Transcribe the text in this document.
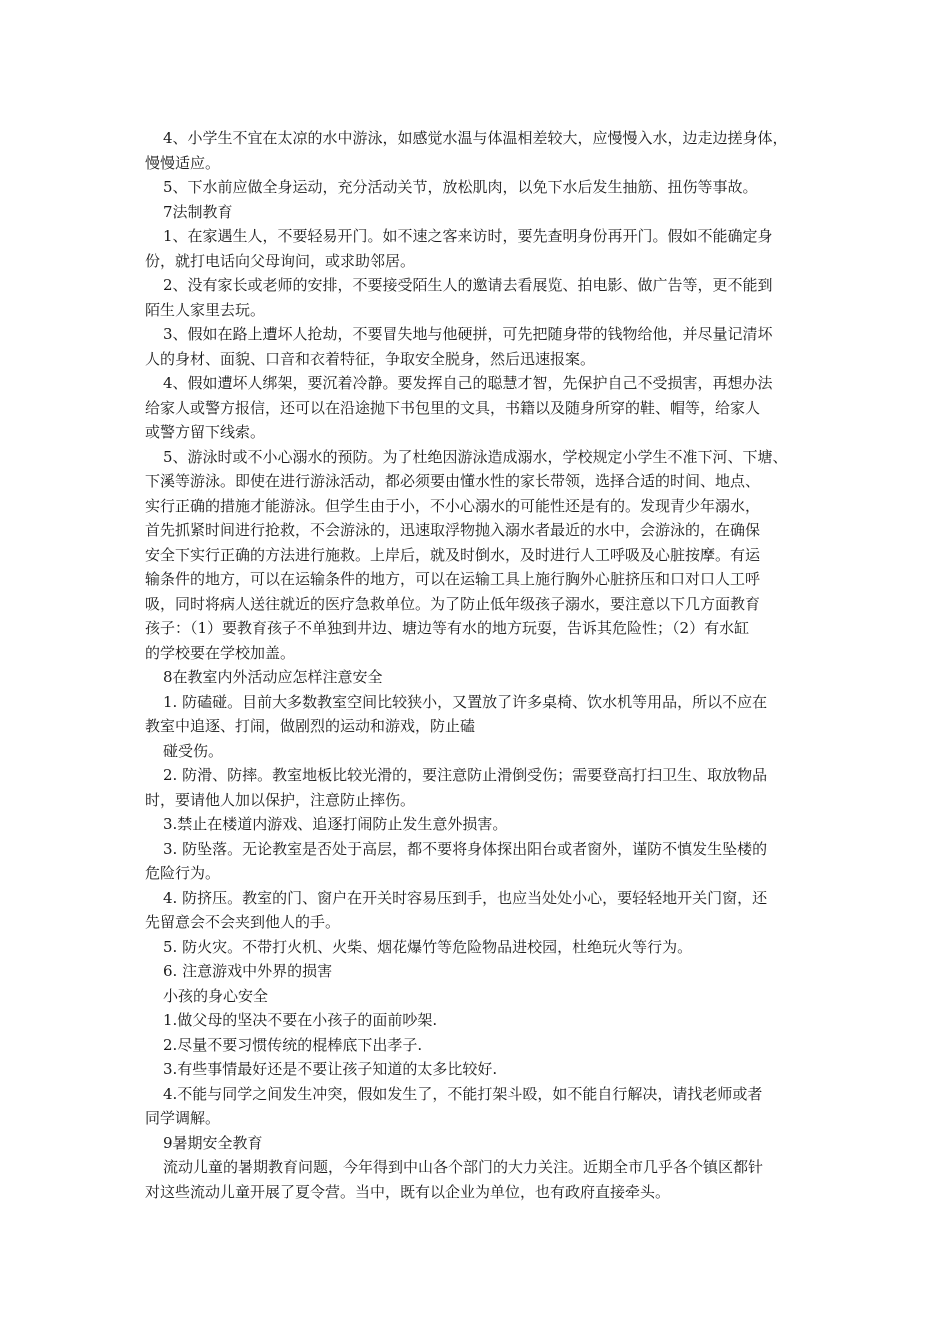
4、小学生不宜在太凉的水中游泳，如感觉水温与体温相差较大，应慢慢入水，边走边搓身体，
慢慢适应。
5、下水前应做全身运动，充分活动关节，放松肌肉，以免下水后发生抽筋、扭伤等事故。
7法制教育
1、在家遇生人，不要轻易开门。如不速之客来访时，要先查明身份再开门。假如不能确定身
份，就打电话向父母询问，或求助邻居。
2、没有家长或老师的安排，不要接受陌生人的邀请去看展览、拍电影、做广告等，更不能到
陌生人家里去玩。
3、假如在路上遭坏人抢劫，不要冒失地与他硬拼，可先把随身带的钱物给他，并尽量记清坏
人的身材、面貌、口音和衣着特征，争取安全脱身，然后迅速报案。
4、假如遭坏人绑架，要沉着冷静。要发挥自己的聪慧才智，先保护自己不受损害，再想办法
给家人或警方报信，还可以在沿途抛下书包里的文具，书籍以及随身所穿的鞋、帽等，给家人
或警方留下线索。
5、游泳时或不小心溺水的预防。为了杜绝因游泳造成溺水，学校规定小学生不准下河、下塘、
下溪等游泳。即使在进行游泳活动，都必须要由懂水性的家长带领，选择合适的时间、地点、
实行正确的措施才能游泳。但学生由于小，不小心溺水的可能性还是有的。发现青少年溺水，
首先抓紧时间进行抢救，不会游泳的，迅速取浮物抛入溺水者最近的水中，会游泳的，在确保
安全下实行正确的方法进行施救。上岸后，就及时倒水，及时进行人工呼吸及心脏按摩。有运
输条件的地方，可以在运输条件的地方，可以在运输工具上施行胸外心脏挤压和口对口人工呼
吸，同时将病人送往就近的医疗急救单位。为了防止低年级孩子溺水，要注意以下几方面教育
孩子：（1）要教育孩子不单独到井边、塘边等有水的地方玩耍，告诉其危险性；（2）有水缸
的学校要在学校加盖。
8在教室内外活动应怎样注意安全
1. 防磕碰。目前大多数教室空间比较狭小，又置放了许多桌椅、饮水机等用品，所以不应在
教室中追逐、打闹，做剧烈的运动和游戏，防止磕
碰受伤。
2. 防滑、防摔。教室地板比较光滑的，要注意防止滑倒受伤；需要登高打扫卫生、取放物品
时，要请他人加以保护，注意防止摔伤。
3.禁止在楼道内游戏、追逐打闹防止发生意外损害。
3. 防坠落。无论教室是否处于高层，都不要将身体探出阳台或者窗外，谨防不慎发生坠楼的
危险行为。
4. 防挤压。教室的门、窗户在开关时容易压到手，也应当处处小心，要轻轻地开关门窗，还
先留意会不会夹到他人的手。
5. 防火灾。不带打火机、火柴、烟花爆竹等危险物品进校园，杜绝玩火等行为。
6. 注意游戏中外界的损害
小孩的身心安全
1.做父母的坚决不要在小孩子的面前吵架.
2.尽量不要习惯传统的棍棒底下出孝子.
3.有些事情最好还是不要让孩子知道的太多比较好.
4.不能与同学之间发生冲突，假如发生了，不能打架斗殴，如不能自行解决，请找老师或者
同学调解。
9暑期安全教育
流动儿童的暑期教育问题，今年得到中山各个部门的大力关注。近期全市几乎各个镇区都针
对这些流动儿童开展了夏令营。当中，既有以企业为单位，也有政府直接牵头。
